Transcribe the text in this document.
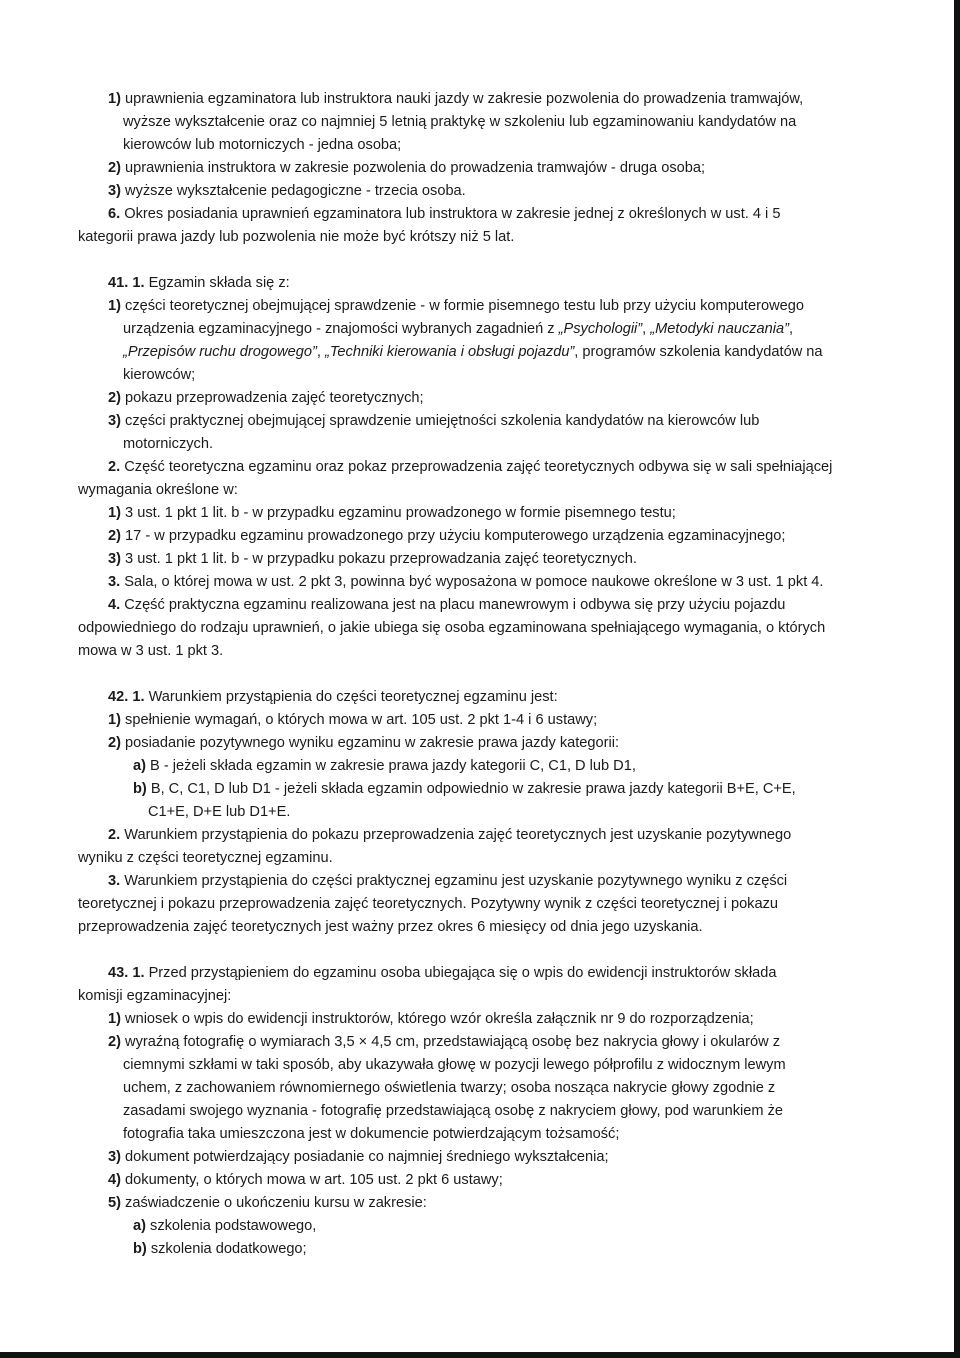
1) uprawnienia egzaminatora lub instruktora nauki jazdy w zakresie pozwolenia do prowadzenia tramwajów,
wyższe wykształcenie oraz co najmniej 5 letnią praktykę w szkoleniu lub egzaminowaniu kandydatów na
kierowców lub motorniczych - jedna osoba;
2) uprawnienia instruktora w zakresie pozwolenia do prowadzenia tramwajów - druga osoba;
3) wyższe wykształcenie pedagogiczne - trzecia osoba.
6. Okres posiadania uprawnień egzaminatora lub instruktora w zakresie jednej z określonych w ust. 4 i 5
kategorii prawa jazdy lub pozwolenia nie może być krótszy niż 5 lat.
41. 1. Egzamin składa się z:
1) części teoretycznej obejmującej sprawdzenie - w formie pisemnego testu lub przy użyciu komputerowego
urządzenia egzaminacyjnego - znajomości wybranych zagadnień z „Psychologii”, „Metodyki nauczania”,
„Przepisów ruchu drogowego”, „Techniki kierowania i obsługi pojazdu”, programów szkolenia kandydatów na
kierowców;
2) pokazu przeprowadzenia zajęć teoretycznych;
3) części praktycznej obejmującej sprawdzenie umiejętności szkolenia kandydatów na kierowców lub
motorniczych.
2. Część teoretyczna egzaminu oraz pokaz przeprowadzenia zajęć teoretycznych odbywa się w sali spełniającej
wymagania określone w:
1) 3 ust. 1 pkt 1 lit. b - w przypadku egzaminu prowadzonego w formie pisemnego testu;
2) 17 - w przypadku egzaminu prowadzonego przy użyciu komputerowego urządzenia egzaminacyjnego;
3) 3 ust. 1 pkt 1 lit. b - w przypadku pokazu przeprowadzania zajęć teoretycznych.
3. Sala, o której mowa w ust. 2 pkt 3, powinna być wyposażona w pomoce naukowe określone w 3 ust. 1 pkt 4.
4. Część praktyczna egzaminu realizowana jest na placu manewrowym i odbywa się przy użyciu pojazdu
odpowiedniego do rodzaju uprawnień, o jakie ubiega się osoba egzaminowana spełniającego wymagania, o których
mowa w 3 ust. 1 pkt 3.
42. 1. Warunkiem przystąpienia do części teoretycznej egzaminu jest:
1) spełnienie wymagań, o których mowa w art. 105 ust. 2 pkt 1-4 i 6 ustawy;
2) posiadanie pozytywnego wyniku egzaminu w zakresie prawa jazdy kategorii:
a) B - jeżeli składa egzamin w zakresie prawa jazdy kategorii C, C1, D lub D1,
b) B, C, C1, D lub D1 - jeżeli składa egzamin odpowiednio w zakresie prawa jazdy kategorii B+E, C+E,
C1+E, D+E lub D1+E.
2. Warunkiem przystąpienia do pokazu przeprowadzenia zajęć teoretycznych jest uzyskanie pozytywnego
wyniku z części teoretycznej egzaminu.
3. Warunkiem przystąpienia do części praktycznej egzaminu jest uzyskanie pozytywnego wyniku z części
teoretycznej i pokazu przeprowadzenia zajęć teoretycznych. Pozytywny wynik z części teoretycznej i pokazu
przeprowadzenia zajęć teoretycznych jest ważny przez okres 6 miesięcy od dnia jego uzyskania.
43. 1. Przed przystąpieniem do egzaminu osoba ubiegająca się o wpis do ewidencji instruktorów składa
komisji egzaminacyjnej:
1) wniosek o wpis do ewidencji instruktorów, którego wzór określa załącznik nr 9 do rozporządzenia;
2) wyraźną fotografię o wymiarach 3,5 × 4,5 cm, przedstawiającą osobę bez nakrycia głowy i okularów z
ciemnymi szkłami w taki sposób, aby ukazywała głowę w pozycji lewego półprofilu z widocznym lewym
uchem, z zachowaniem równomiernego oświetlenia twarzy; osoba nosząca nakrycie głowy zgodnie z
zasadami swojego wyznania - fotografię przedstawiającą osobę z nakryciem głowy, pod warunkiem że
fotografia taka umieszczona jest w dokumencie potwierdzającym tożsamość;
3) dokument potwierdzający posiadanie co najmniej średniego wykształcenia;
4) dokumenty, o których mowa w art. 105 ust. 2 pkt 6 ustawy;
5) zaświadczenie o ukończeniu kursu w zakresie:
a) szkolenia podstawowego,
b) szkolenia dodatkowego;
